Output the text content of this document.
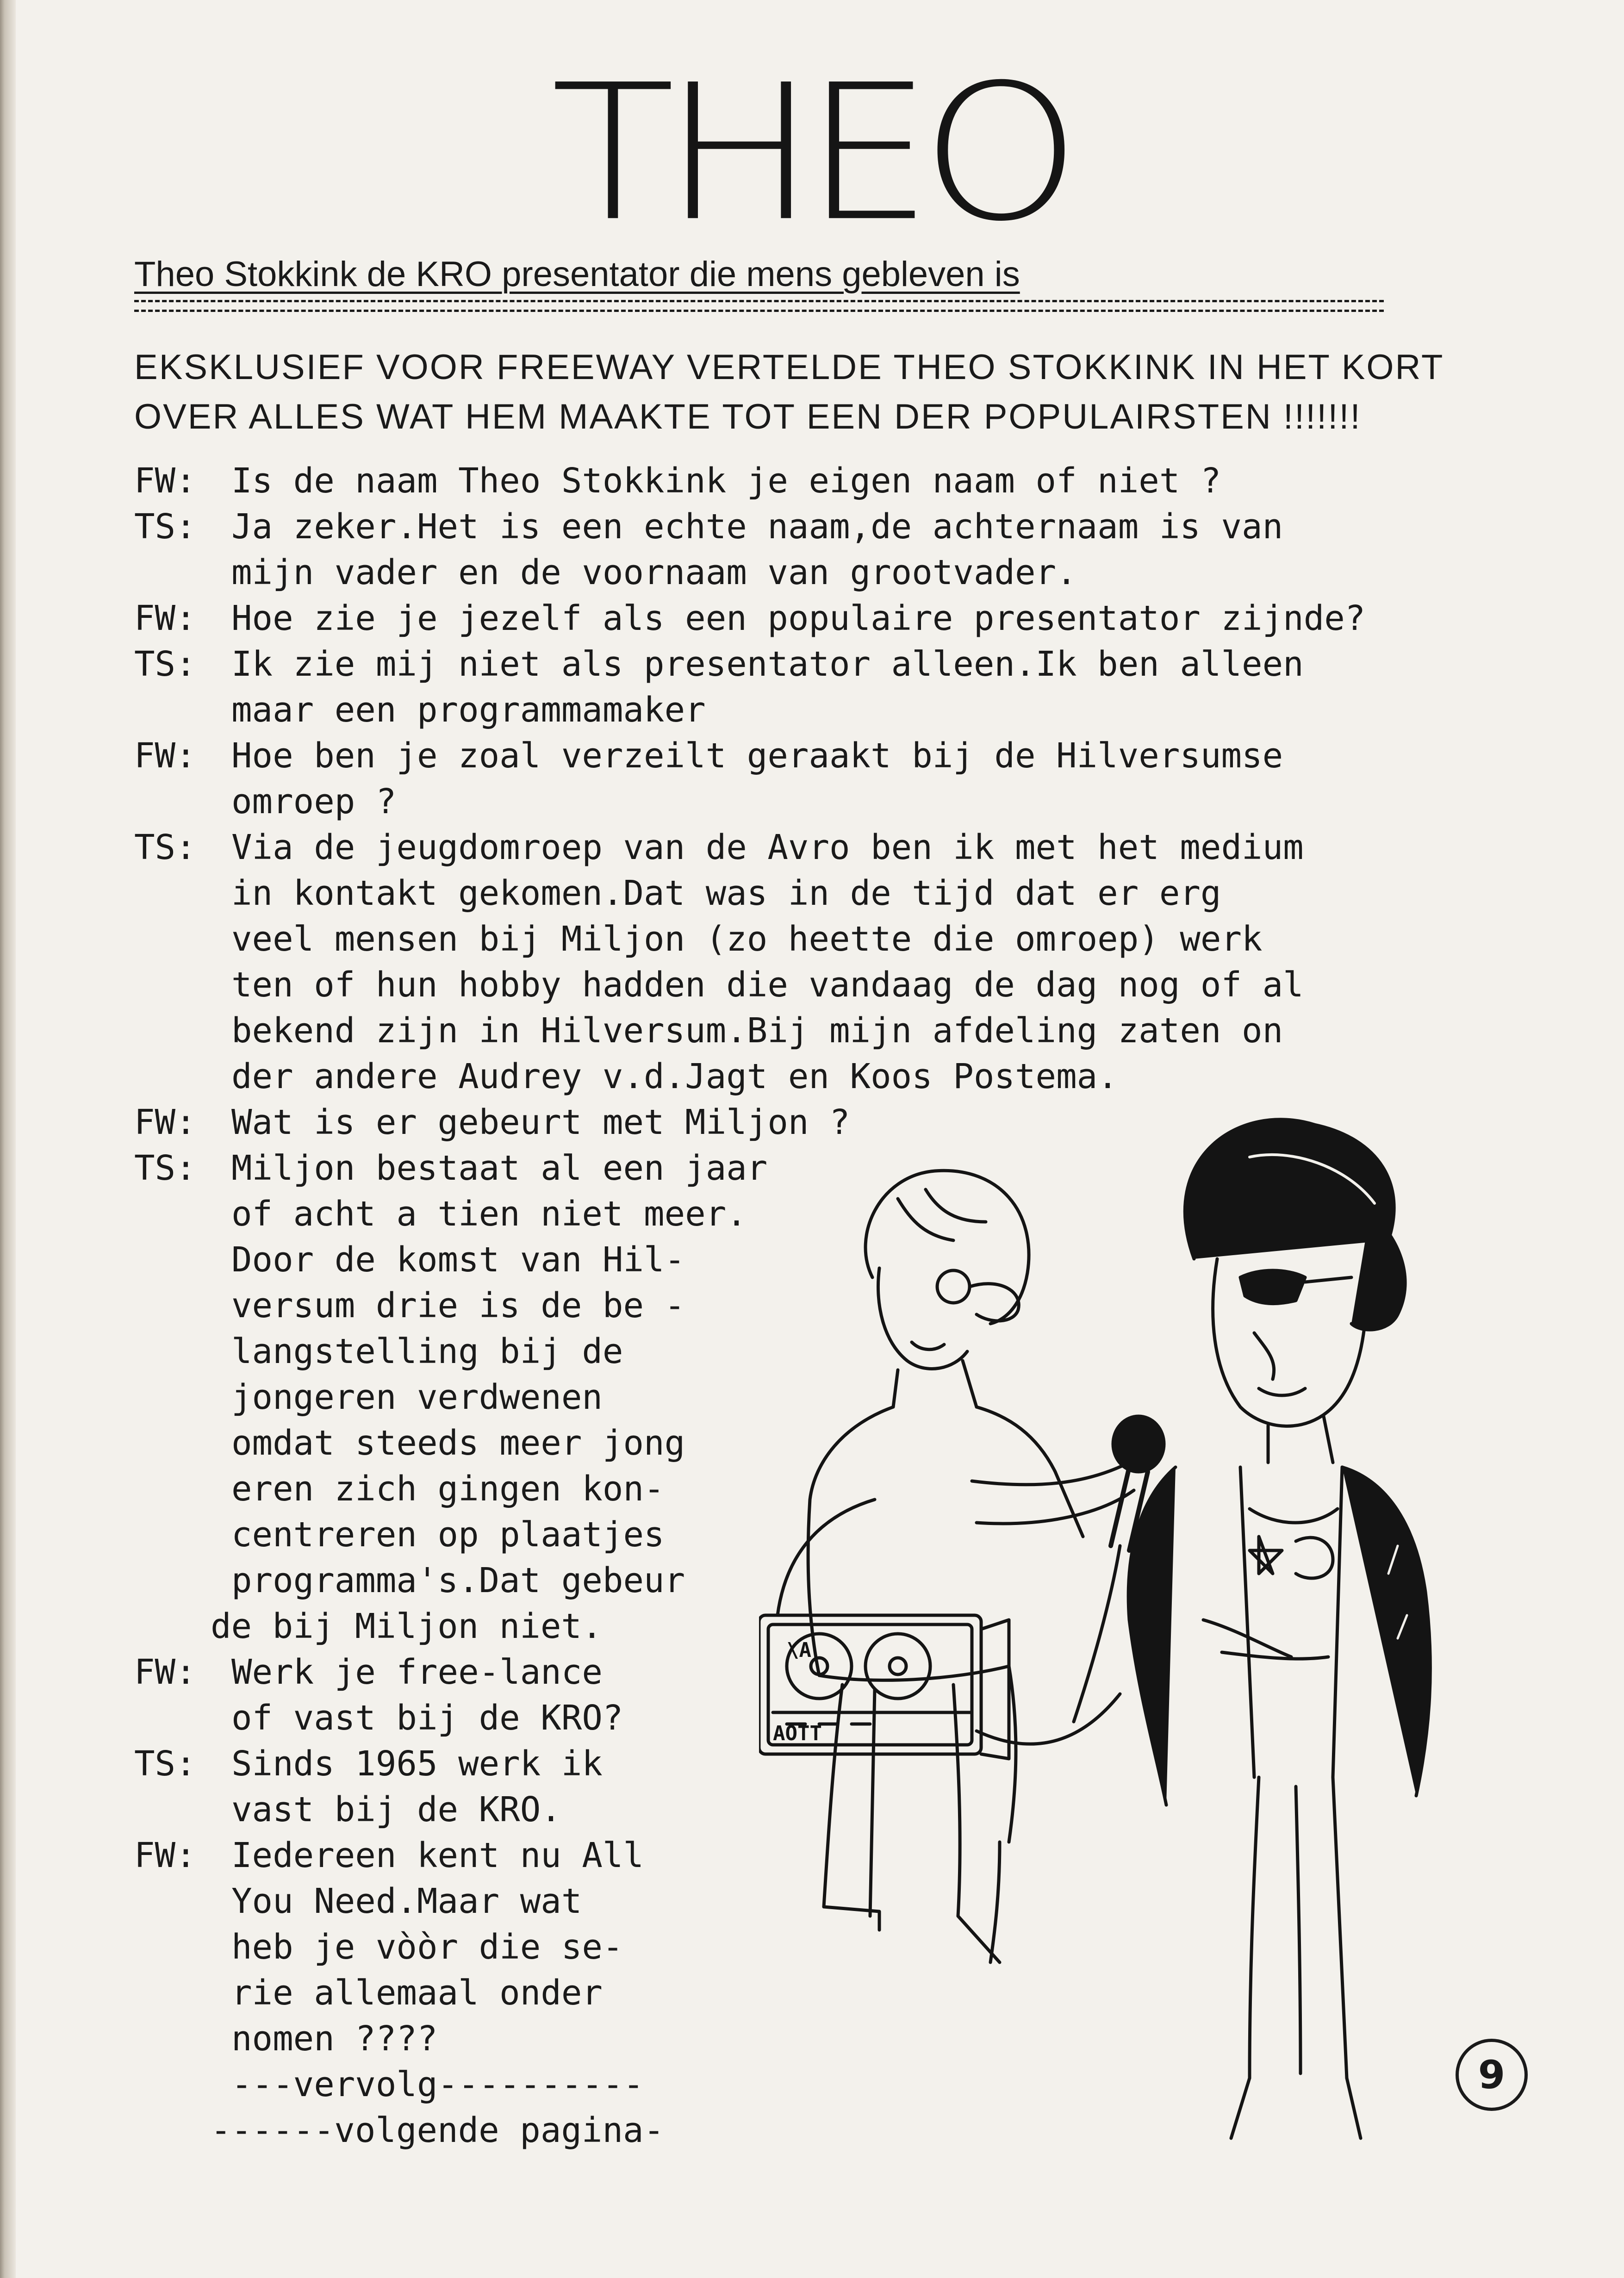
THEO
Theo Stokkink de KRO presentator die mens gebleven is
EKSKLUSIEF VOOR FREEWAY VERTELDE THEO STOKKINK IN HET KORT
OVER ALLES WAT HEM MAAKTE TOT EEN DER POPULAIRSTEN !!!!!!!
FW:	Is de naam Theo Stokkink je eigen naam of niet ?
TS:	Ja zeker.Het is een echte naam,de achternaam is van
mijn vader en de voornaam van grootvader.
FW:	Hoe zie je jezelf als een populaire presentator zijnde?
TS:	Ik zie mij niet als presentator alleen.Ik ben alleen
maar een programmamaker
FW:	Hoe ben je zoal verzeilt geraakt bij de Hilversumse
omroep ?
TS:	Via de jeugdomroep van de Avro ben ik met het medium
in kontakt gekomen.Dat was in de tijd dat er erg
veel mensen bij Miljon (zo heette die omroep) werk
ten of hun hobby hadden die vandaag de dag nog of al
bekend zijn in Hilversum.Bij mijn afdeling zaten on
der andere Audrey v.d.Jagt en Koos Postema.
FW:	Wat is er gebeurt met Miljon ?
TS:	Miljon bestaat al een jaar
of acht a tien niet meer.
Door de komst van Hil-
versum drie is de be -
langstelling bij de
jongeren verdwenen
omdat steeds meer jong
eren zich gingen kon-
centreren op plaatjes
programma's.Dat gebeur
de bij Miljon niet.
FW:	Werk je free-lance
of vast bij de KRO?
TS:	Sinds 1965 werk ik
vast bij de KRO.
FW:	Iedereen kent nu All
You Need.Maar wat
heb je vòòr die se-
rie allemaal onder
nomen ????
---vervolg----------
------volgende pagina-
\A
AOTT
9
